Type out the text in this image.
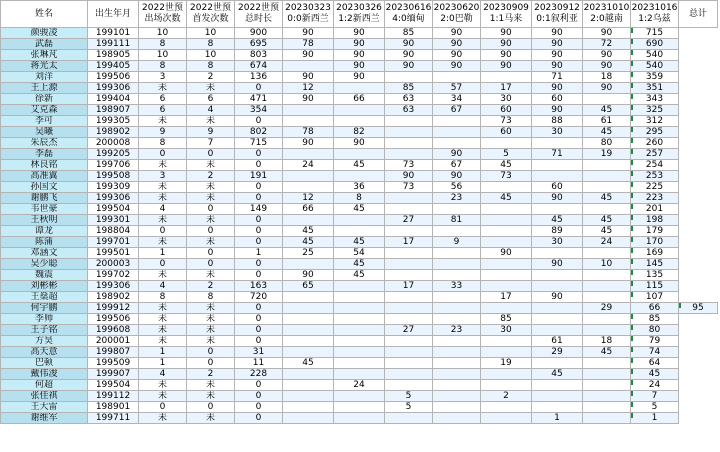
姓名	出生年月	2022世预 出场次数	2022世预 首发次数	2022世预 总时长	20230323 0:0新西兰	20230326 1:2新西兰	20230616 4:0缅甸	20230620 2:0巴勒	20230909 1:1马来	20230912 0:1叙利亚	20231010 2:0越南	20231016 1:2乌兹	总计
颜骏凌	199101	10	10	900	90	90	85	90	90	90	90	715	
武磊	199111	8	8	695	78	90	90	90	90	90	72	690	
张琳芃	198905	10	10	803	90	90	90	90	90	90	90	540	
蒋光太	199405	8	8	674		90	90	90	90	90	90	540	
刘洋	199506	3	2	136	90	90				71	18	359	
王上源	199306	未	未	0	12		85	57	17	90	90	351	
徐新	199404	6	6	471	90	66	63	34	30	60		343	
艾克森	198907	6	4	354			63	67	60	90	45	325	
李可	199305	未	未	0					73	88	61	312	
吴曦	198902	9	9	802	78	82			60	30	45	295	
朱辰杰	200008	8	7	715	90	90					80	260	
李磊	199205	0	0	0				90	5	71	19	257	
林良铭	199706	未	未	0	24	45	73	67	45			254	
高准翼	199508	3	2	191			90	90	73			253	
孙国文	199309	未	未	0		36	73	56		60		225	
谢鹏飞	199306	未	未	0	12	8		23	45	90	45	223	
韦世豪	199504	4	0	149	66	45						201	
王秋明	199301	未	未	0			27	81		45	45	198	
谭龙	198804	0	0	0	45					89	45	179	
陈蒲	199701	未	未	0	45	45	17	9		30	24	170	
邓涵文	199501	1	0	1	25	54			90			169	
吴少聪	200003	0	0	0		45				90	10	145	
魏震	199702	未	未	0	90	45						135	
刘彬彬	199306	4	2	163	65		17	33				115	
王燊超	198902	8	8	720					17	90		107	
何宇鹏	199912	未	未	0							29	66	95
李帅	199506	未	未	0					85			85	
王子铭	199608	未	未	0			27	23	30			80	
方昊	200001	未	未	0						61	18	79	
高天意	199807	1	0	31						29	45	74	
巴顿	199509	1	0	11	45				19			64	
戴伟浚	199907	4	2	228						45		45	
何超	199504	未	未	0		24						24	
张佳祺	199112	未	未	0			5		2			7	
王大雷	198901	0	0	0			5					5	
谢维军	199711	未	未	0						1		1	
